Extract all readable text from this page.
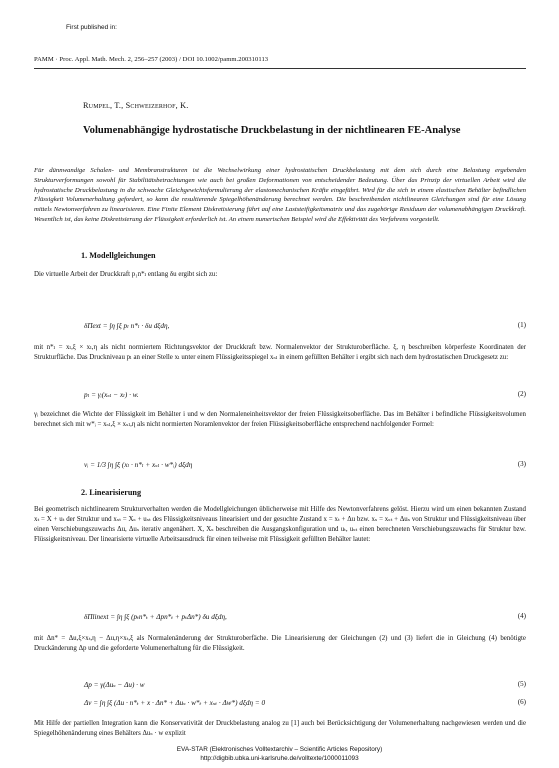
First published in:
PAMM · Proc. Appl. Math. Mech. 2, 256–257 (2003) / DOI 10.1002/pamm.200310113
Rumpel, T., Schweizerhof, K.
Volumenabhängige hydrostatische Druckbelastung in der nichtlinearen FE-Analyse
Für dünnwandige Schalen- und Membranstrukturen ist die Wechselwirkung einer hydrostatischen Druckbelastung mit dem sich durch eine Belastung ergebenden Strukturverformungen sowohl für Stabilitätsbetrachtungen wie auch bei großen Deformationen von entscheidender Bedeutung. Über das Prinzip der virtuellen Arbeit wird die hydrostatische Druckbelastung in die schwache Gleichgewichtsformulierung der elastomechanischen Kräfte eingeführt. Wird für die sich in einem elastischen Behälter befindlichen Flüssigkeit Volumenerhaltung gefordert, so kann die resultierende Spiegelhöhenänderung berechnet werden. Die beschreibenden nichtlinearen Gleichungen sind für eine Lösung mittels Newtonverfahren zu linearisieren. Eine Finite Element Diskretisierung führt auf eine Laststeifigkeitsmatrix und das zugehörige Residuum der volumenabhängigen Druckkraft. Wesentlich ist, das keine Diskretisierung der Flüssigkeit erforderlich ist. An einem numerischen Beispiel wird die Effektivität des Verfahrens vorgestellt.
1. Modellgleichungen
Die virtuelle Arbeit der Druckkraft p₁n*ₗ entlang δu ergibt sich zu:
δΠext = ∫η ∫ξ pₗ n*ₗ · δu dξdη,	(1)
mit n*ₗ = xₗ,ξ × xₗ,η als nicht normiertem Richtungsvektor der Druckkraft bzw. Normalenvektor der Strukturoberfläche. ξ, η beschreiben körperfeste Koordinaten der Strukturfläche. Das Druckniveau pₗ an einer Stelle xₗ unter einem Flüssigkeitsspiegel xₛₗ in einem gefüllten Behälter i ergibt sich nach dem hydrostatischen Druckgesetz zu:
pₗ = γᵢ(xₛₗ − xₗ) · w.	(2)
γᵢ bezeichnet die Wichte der Flüssigkeit im Behälter i und w den Normaleneinheitsvektor der freien Flüssigkeitsoberfläche. Das im Behälter i befindliche Flüssigkeitsvolumen berechnet sich mit w*ᵢ = xₛₗ,ξ × xₛₗ,η als nicht normierten Noramlenvektor der freien Flüssigkeitsoberfläche entsprechend nachfolgender Formel:
vᵢ = 1/3 ∫η ∫ξ (xₗ · n*ₗ + xₛₗ · w*ᵢ) dξdη	(3)
2. Linearisierung
Bei geometrisch nichtlinearem Strukturverhalten werden die Modellgleichungen üblicherweise mit Hilfe des Newtonverfahrens gelöst. Hierzu wird um einen bekannten Zustand xₜ = X + uₜ der Struktur und xₛₜ = Xₛ + uₛₜ des Flüssigkeitsniveaus linearisiert und der gesuchte Zustand x = xₜ + Δu bzw. xₛ = xₛₜ + Δuₛ von Struktur und Flüssigkeitsniveau über einen Verschiebungszuwachs Δu, Δuₛ iterativ angenähert. X, Xₛ beschreiben die Ausgangskonfiguration und uₜ, uₛₜ einen berechneten Verschiebungszuwachs für Struktur bzw. Flüssigkeitsniveau. Der linearisierte virtuelle Arbeitsausdruck für einen teilweise mit Flüssigkeit gefüllten Behälter lautet:
δΠlinext = ∫η ∫ξ (pₜn*ₜ + Δpn*ₜ + pₜΔn*) δu dξdη,	(4)
mit Δn* = Δu,ξ×xₜ,η − Δu,η×xₜ,ξ als Normalenänderung der Strukturoberfäche. Die Linearisierung der Gleichungen (2) und (3) liefert die in Gleichung (4) benötigte Druckänderung Δp und die geforderte Volumenerhaltung für die Flüssigkeit.
Δp = γ(Δuₛ − Δu) · w	(5)
Δv = ∫η ∫ξ (Δu · n*ₜ + x · Δn* + Δuₛ · w*ₜ + xₛₜ · Δw*) dξdη = 0	(6)
Mit Hilfe der partiellen Integration kann die Konservativität der Druckbelastung analog zu [1] auch bei Berücksichtigung der Volumenerhaltung nachgewiesen werden und die Spiegelhöhenänderung eines Behälters Δuₛ · w explizit
EVA-STAR (Elektronisches Volltextarchiv – Scientific Articles Repository)
http://digbib.ubka.uni-karlsruhe.de/volltexte/1000011093
